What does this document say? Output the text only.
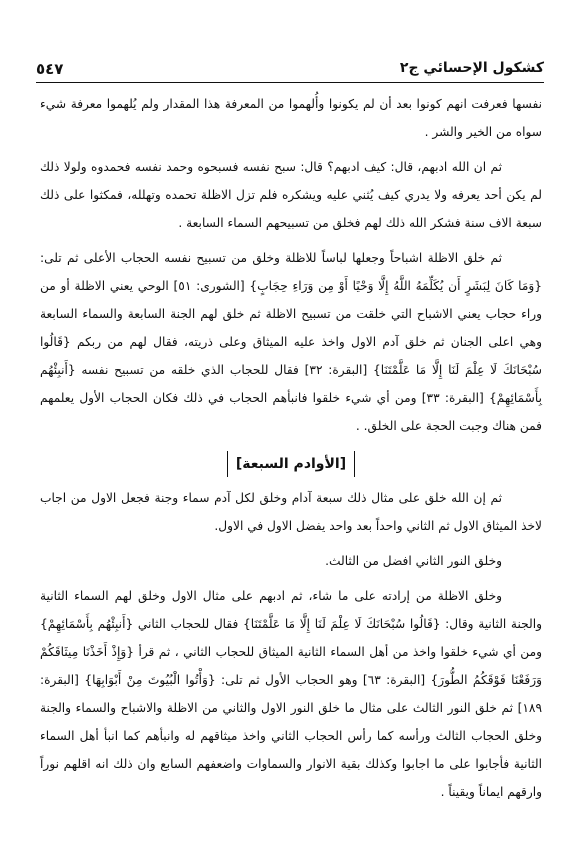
كشكول الإحسائي ج٢
٥٤٧

نفسها فعرفت انهم كونوا بعد أن لم يكونوا وأُلهموا من المعرفة هذا المقدار ولم يُلهموا معرفة شيء سواه من الخير والشر .

ثم ان الله ادبهم، قال: كيف ادبهم؟ قال: سبح نفسه فسبحوه وحمد نفسه فحمدوه ولولا ذلك لم يكن أحد يعرفه ولا يدري كيف يُثني عليه ويشكره فلم تزل الاظلة تحمده وتهلله، فمكثوا على ذلك سبعة الاف سنة فشكر الله ذلك لهم فخلق من تسبيحهم السماء السابعة .

ثم خلق الاظلة اشباحاً وجعلها لباساً للاظلة وخلق من تسبيح نفسه الحجاب الأعلى ثم تلى: {وَمَا كَانَ لِبَشَرٍ أَن يُكَلِّمَهُ اللَّهُ إِلَّا وَحْيًا أَوْ مِن وَرَاءِ حِجَابٍ} [الشورى: ٥١] الوحي يعني الاظلة أو من وراء حجاب يعني الاشباح التي خلقت من تسبيح الاظلة ثم خلق لهم الجنة السابعة والسماء السابعة وهي اعلى الجنان ثم خلق آدم الاول واخذ عليه الميثاق وعلى ذريته، فقال لهم من ربكم {قَالُوا سُبْحَانَكَ لَا عِلْمَ لَنَا إِلَّا مَا عَلَّمْتَنَا} [البقرة: ٣٢] فقال للحجاب الذي خلقه من تسبيح نفسه {أَنبِئْهُم بِأَسْمَائِهِمْ} [البقرة: ٣٣] ومن أي شيء خلقوا فانبأهم الحجاب في ذلك فكان الحجاب الأول يعلمهم فمن هناك وجبت الحجة على الخلق. .

[الأوادم السبعة]

ثم إن الله خلق على مثال ذلك سبعة آدام وخلق لكل آدم سماء وجنة فجعل الاول من اجاب لاخذ الميثاق الاول ثم الثاني واحداً بعد واحد يفضل الاول في الاول.

وخلق النور الثاني افضل من الثالث.

وخلق الاظلة من إرادته على ما شاء، ثم ادبهم على مثال الاول وخلق لهم السماء الثانية والجنة الثانية وقال: {قَالُوا سُبْحَانَكَ لَا عِلْمَ لَنَا إِلَّا مَا عَلَّمْتَنَا} فقال للحجاب الثاني {أَنبِئْهُم بِأَسْمَائِهِمْ} ومن أي شيء خلقوا واخذ من أهل السماء الثانية الميثاق للحجاب الثاني ، ثم قرأ {وَإِذْ أَخَذْنَا مِيثَاقَكُمْ وَرَفَعْنَا فَوْقَكُمُ الطُّورَ} [البقرة: ٦٣] وهو الحجاب الأول ثم تلى: {وَأْتُوا الْبُيُوتَ مِنْ أَبْوَابِهَا} [البقرة: ١٨٩] ثم خلق النور الثالث على مثال ما خلق النور الاول والثاني من الاظلة والاشباح والسماء والجنة وخلق الحجاب الثالث ورأسه كما رأس الحجاب الثاني واخذ ميثاقهم له وانبأهم كما انبأ أهل السماء الثانية فأجابوا على ما اجابوا وكذلك بقية الانوار والسماوات واضعفهم السابع وان ذلك انه اقلهم نوراً وارقهم ايماناً ويقيناً .
